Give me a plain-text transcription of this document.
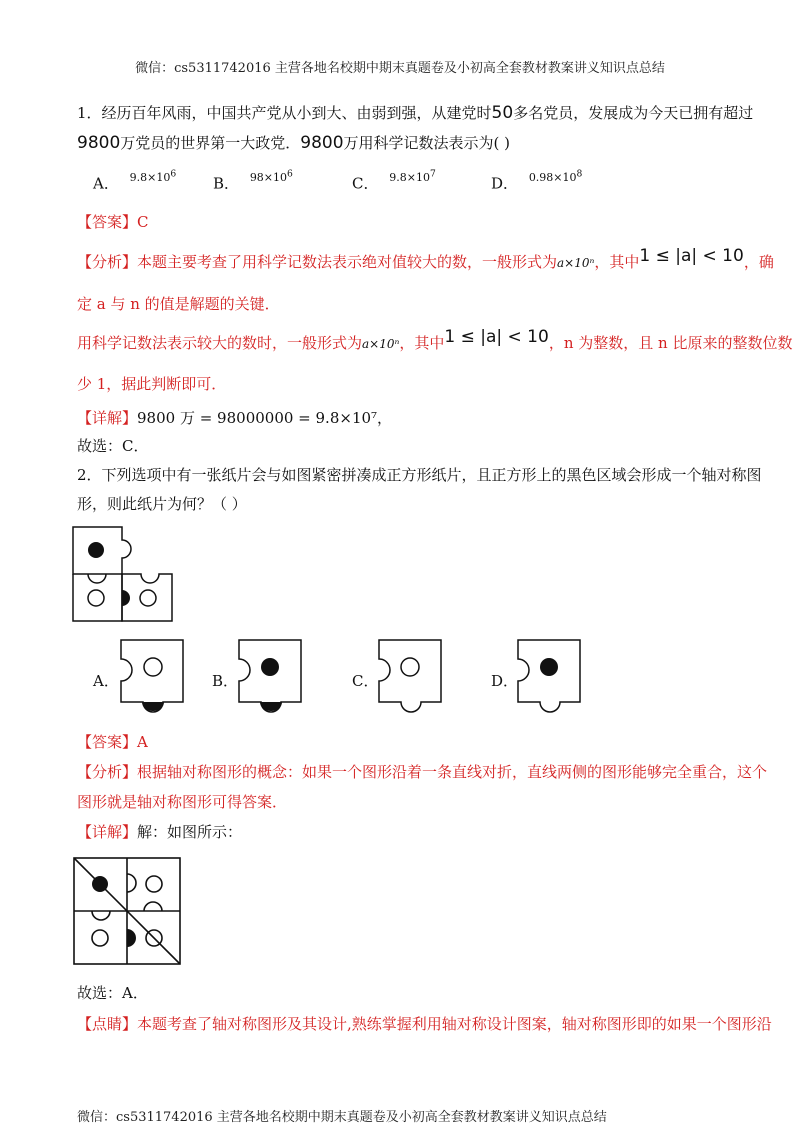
微信：cs5311742016 主营各地名校期中期末真题卷及小初高全套教材教案讲义知识点总结
1．经历百年风雨，中国共产党从小到大、由弱到强，从建党时50多名党员，发展成为今天已拥有超过
9800万党员的世界第一大政党．9800万用科学记数法表示为( )
A． $^{9.8\times 10^6}$
B． $^{98\times 10^6}$
C． $^{9.8\times 10^7}$
D． $^{0.98\times 10^8}$
【答案】C
【分析】本题主要考查了用科学记数法表示绝对值较大的数，一般形式为a×10ⁿ，其中1 ≤ |a| < 10，确
定 a 与 n 的值是解题的关键．
用科学记数法表示较大的数时，一般形式为a×10ⁿ，其中1 ≤ |a| < 10，n 为整数，且 n 比原来的整数位数
少 1，据此判断即可．
【详解】9800 万 = 98000000 = 9.8×10⁷，
故选：C．
2．下列选项中有一张纸片会与如图紧密拼凑成正方形纸片，且正方形上的黑色区域会形成一个轴对称图
形，则此纸片为何？（ ）
A．	B．	C．	D．
【答案】A
【分析】根据轴对称图形的概念：如果一个图形沿着一条直线对折，直线两侧的图形能够完全重合，这个
图形就是轴对称图形可得答案．
【详解】解：如图所示：
故选：A．
【点睛】本题考查了轴对称图形及其设计,熟练掌握利用轴对称设计图案，轴对称图形即的如果一个图形沿
微信：cs5311742016 主营各地名校期中期末真题卷及小初高全套教材教案讲义知识点总结
